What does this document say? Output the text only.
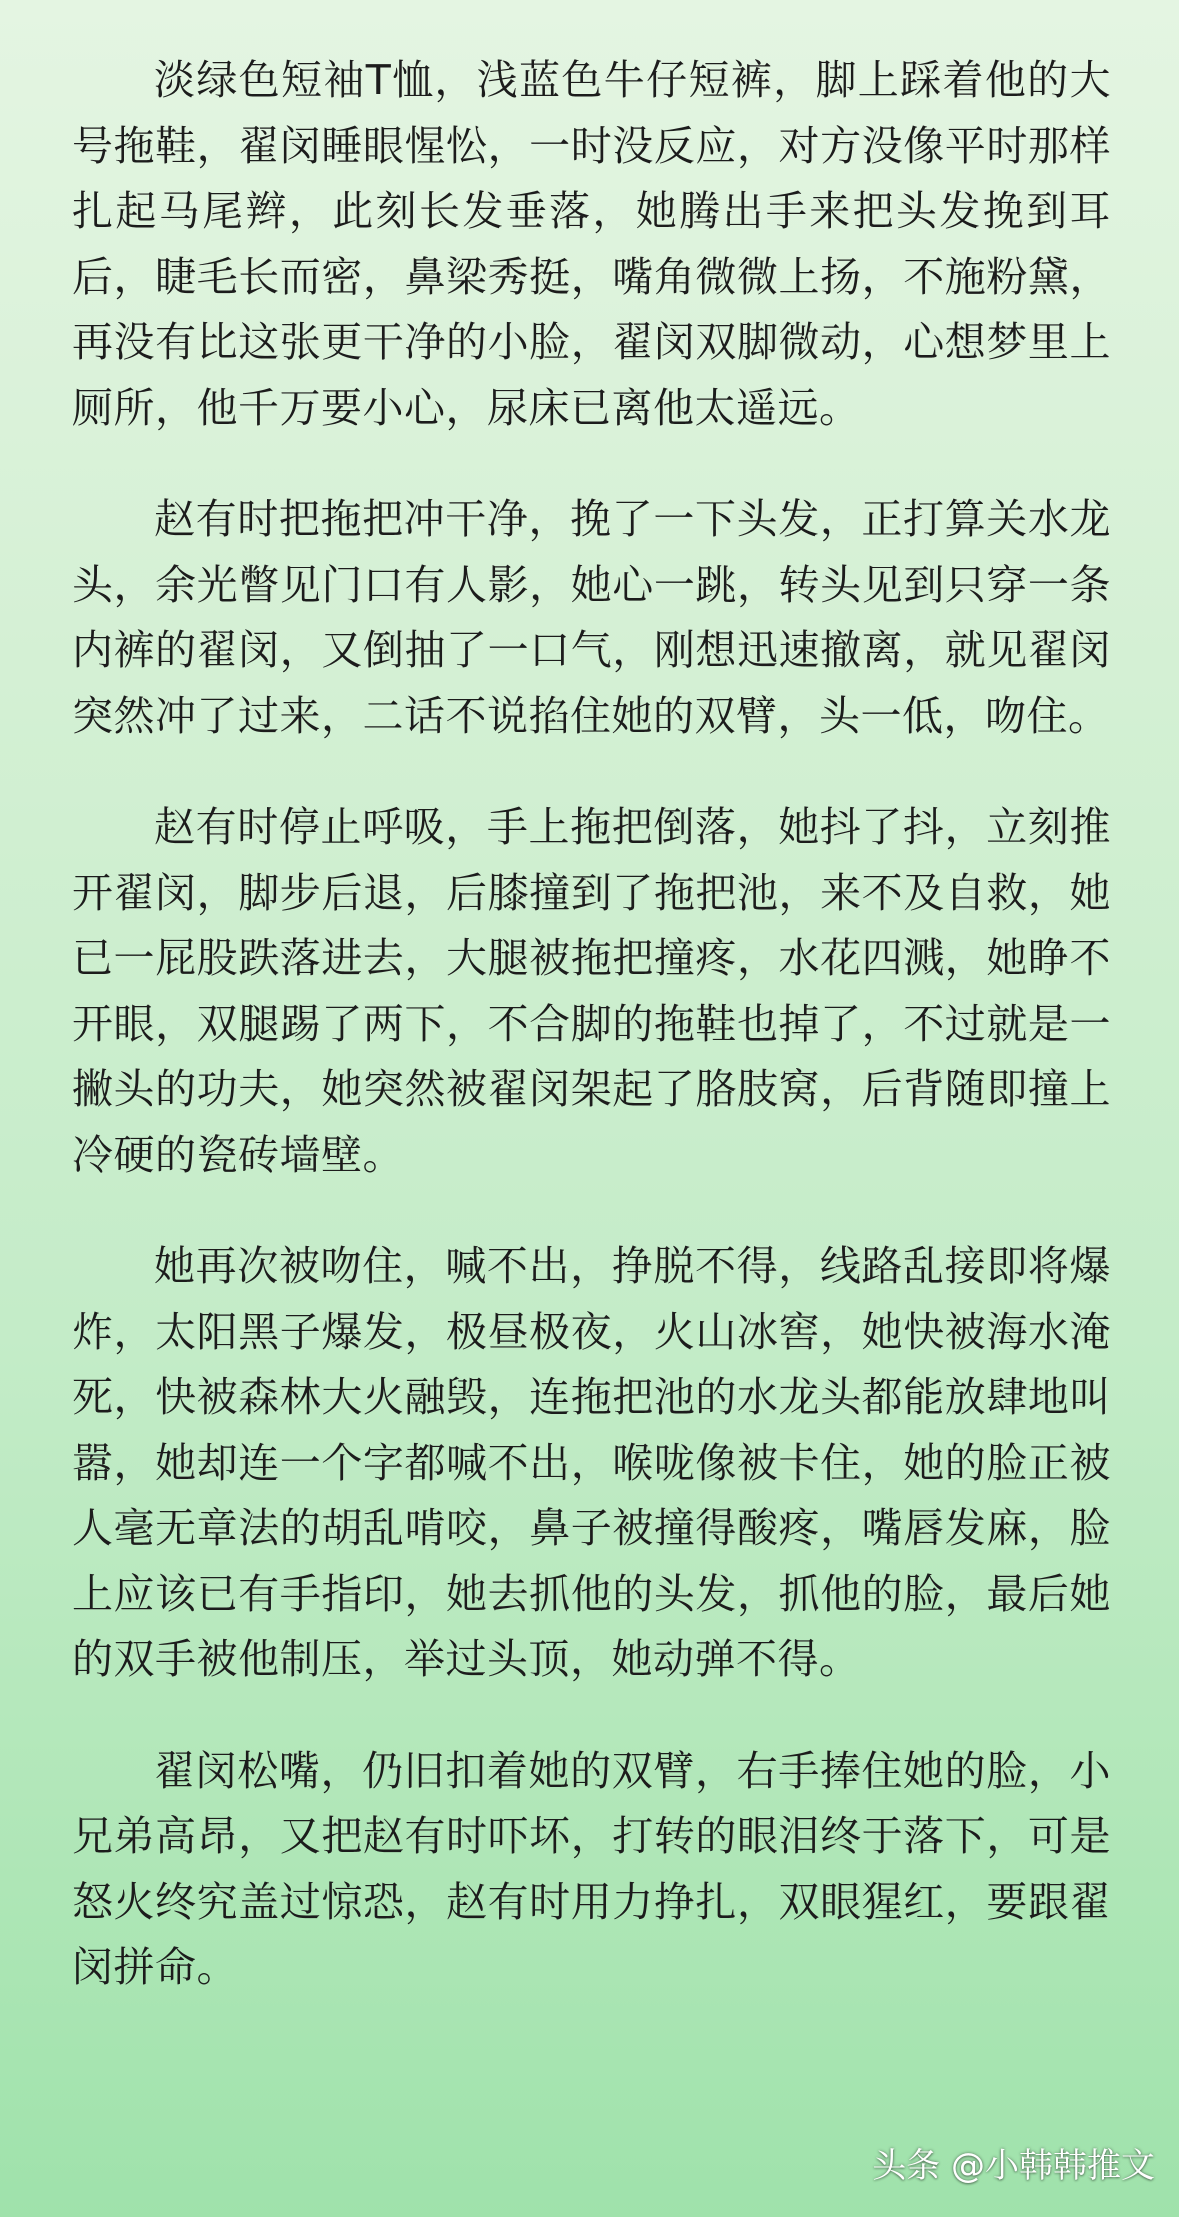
淡绿色短袖T恤，浅蓝色牛仔短裤，脚上踩着他的大号拖鞋，翟闵睡眼惺忪，一时没反应，对方没像平时那样扎起马尾辫，此刻长发垂落，她腾出手来把头发挽到耳后，睫毛长而密，鼻梁秀挺，嘴角微微上扬，不施粉黛，再没有比这张更干净的小脸，翟闵双脚微动，心想梦里上厕所，他千万要小心，尿床已离他太遥远。

赵有时把拖把冲干净，挽了一下头发，正打算关水龙头，余光瞥见门口有人影，她心一跳，转头见到只穿一条内裤的翟闵，又倒抽了一口气，刚想迅速撤离，就见翟闵突然冲了过来，二话不说掐住她的双臂，头一低，吻住。

赵有时停止呼吸，手上拖把倒落，她抖了抖，立刻推开翟闵，脚步后退，后膝撞到了拖把池，来不及自救，她已一屁股跌落进去，大腿被拖把撞疼，水花四溅，她睁不开眼，双腿踢了两下，不合脚的拖鞋也掉了，不过就是一撇头的功夫，她突然被翟闵架起了胳肢窝，后背随即撞上冷硬的瓷砖墙壁。

她再次被吻住，喊不出，挣脱不得，线路乱接即将爆炸，太阳黑子爆发，极昼极夜，火山冰窖，她快被海水淹死，快被森林大火融毁，连拖把池的水龙头都能放肆地叫嚣，她却连一个字都喊不出，喉咙像被卡住，她的脸正被人毫无章法的胡乱啃咬，鼻子被撞得酸疼，嘴唇发麻，脸上应该已有手指印，她去抓他的头发，抓他的脸，最后她的双手被他制压，举过头顶，她动弹不得。

翟闵松嘴，仍旧扣着她的双臂，右手捧住她的脸，小兄弟高昂，又把赵有时吓坏，打转的眼泪终于落下，可是怒火终究盖过惊恐，赵有时用力挣扎，双眼猩红，要跟翟闵拼命。

头条 @小韩韩推文
